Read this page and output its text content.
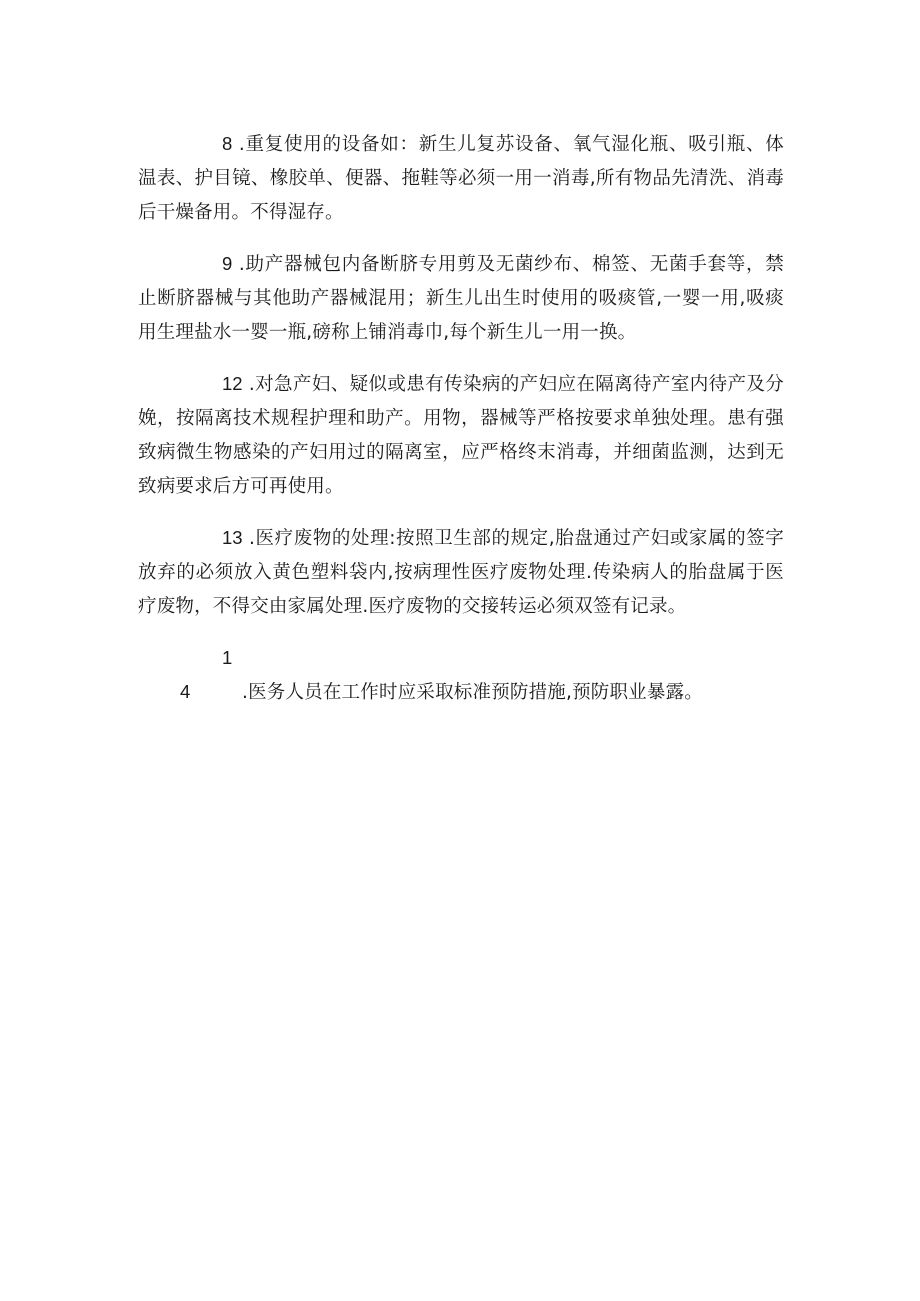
8 .重复使用的设备如：新生儿复苏设备、氧气湿化瓶、吸引瓶、体温表、护目镜、橡胶单、便器、拖鞋等必须一用一消毒,所有物品先清洗、消毒后干燥备用。不得湿存。

9 .助产器械包内备断脐专用剪及无菌纱布、棉签、无菌手套等，禁止断脐器械与其他助产器械混用；新生儿出生时使用的吸痰管,一婴一用,吸痰用生理盐水一婴一瓶,磅称上铺消毒巾,每个新生儿一用一换。

12 .对急产妇、疑似或患有传染病的产妇应在隔离待产室内待产及分娩，按隔离技术规程护理和助产。用物，器械等严格按要求单独处理。患有强致病微生物感染的产妇用过的隔离室，应严格终末消毒，并细菌监测，达到无致病要求后方可再使用。

13 .医疗废物的处理:按照卫生部的规定,胎盘通过产妇或家属的签字放弃的必须放入黄色塑料袋内,按病理性医疗废物处理.传染病人的胎盘属于医疗废物，不得交由家属处理.医疗废物的交接转运必须双签有记录。

14	.医务人员在工作时应采取标准预防措施,预防职业暴露。
